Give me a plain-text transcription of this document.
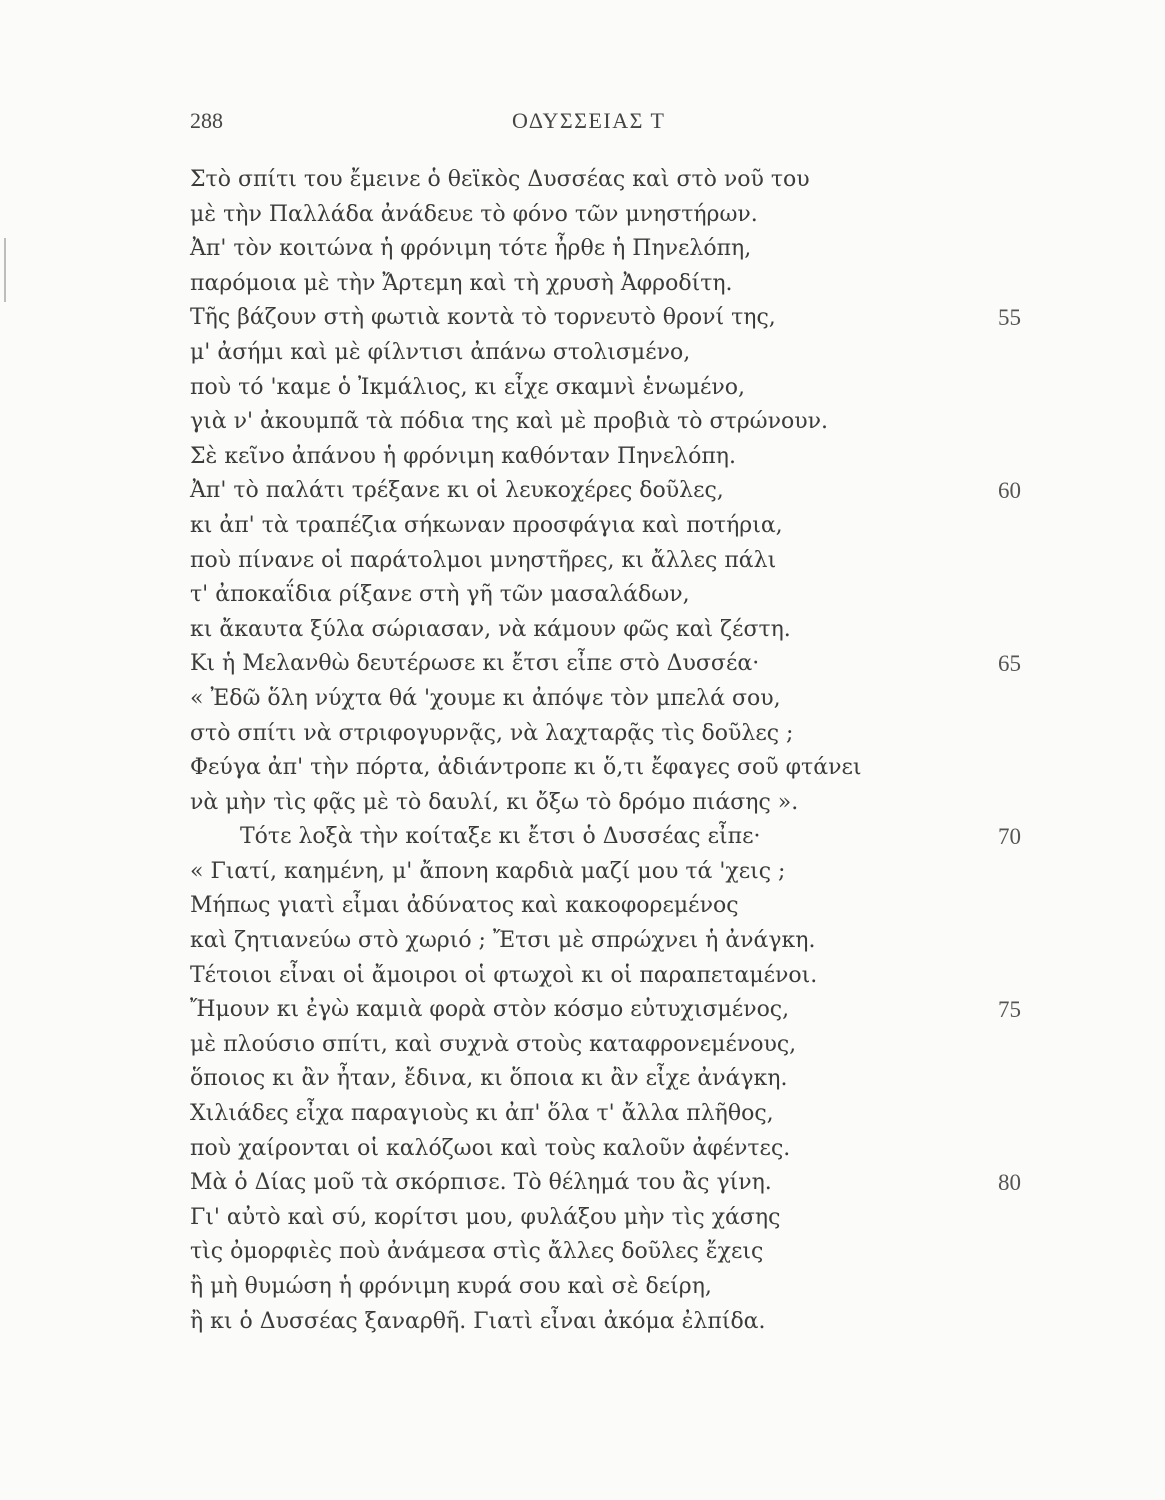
288	ΟΔΥΣΣΕΙΑΣ Τ
Στὸ σπίτι του ἔμεινε ὁ θεϊκὸς Δυσσέας καὶ στὸ νοῦ του
μὲ τὴν Παλλάδα ἀνάδευε τὸ φόνο τῶν μνηστήρων.
Ἀπ' τὸν κοιτώνα ἡ φρόνιμη τότε ἦρθε ἡ Πηνελόπη,
παρόμοια μὲ τὴν Ἄρτεμη καὶ τὴ χρυσὴ Ἀφροδίτη.
Τῆς βάζουν στὴ φωτιὰ κοντὰ τὸ τορνευτὸ θρονί της,	55
μ' ἀσήμι καὶ μὲ φίλντισι ἀπάνω στολισμένο,
ποὺ τό 'καμε ὁ Ἰκμάλιος, κι εἶχε σκαμνὶ ἑνωμένο,
γιὰ ν' ἀκουμπᾶ τὰ πόδια της καὶ μὲ προβιὰ τὸ στρώνουν.
Σὲ κεῖνο ἀπάνου ἡ φρόνιμη καθόνταν Πηνελόπη.
Ἀπ' τὸ παλάτι τρέξανε κι οἱ λευκοχέρες δοῦλες,	60
κι ἀπ' τὰ τραπέζια σήκωναν προσφάγια καὶ ποτήρια,
ποὺ πίνανε οἱ παράτολμοι μνηστῆρες, κι ἄλλες πάλι
τ' ἀποκαΐδια ρίξανε στὴ γῆ τῶν μασαλάδων,
κι ἄκαυτα ξύλα σώριασαν, νὰ κάμουν φῶς καὶ ζέστη.
Κι ἡ Μελανθὼ δευτέρωσε κι ἔτσι εἶπε στὸ Δυσσέα·	65
« Ἐδῶ ὅλη νύχτα θά 'χουμε κι ἀπόψε τὸν μπελά σου,
στὸ σπίτι νὰ στριφογυρνᾷς, νὰ λαχταρᾷς τὶς δοῦλες ;
Φεύγα ἀπ' τὴν πόρτα, ἀδιάντροπε κι ὅ,τι ἔφαγες σοῦ φτάνει
νὰ μὴν τὶς φᾷς μὲ τὸ δαυλί, κι ὄξω τὸ δρόμο πιάσης ».
Τότε λοξὰ τὴν κοίταξε κι ἔτσι ὁ Δυσσέας εἶπε·	70
« Γιατί, καημένη, μ' ἄπονη καρδιὰ μαζί μου τά 'χεις ;
Μήπως γιατὶ εἶμαι ἀδύνατος καὶ κακοφορεμένος
καὶ ζητιανεύω στὸ χωριό ; Ἔτσι μὲ σπρώχνει ἡ ἀνάγκη.
Τέτοιοι εἶναι οἱ ἄμοιροι οἱ φτωχοὶ κι οἱ παραπεταμένοι.
Ἤμουν κι ἐγὼ καμιὰ φορὰ στὸν κόσμο εὐτυχισμένος,	75
μὲ πλούσιο σπίτι, καὶ συχνὰ στοὺς καταφρονεμένους,
ὅποιος κι ἂν ἦταν, ἔδινα, κι ὅποια κι ἂν εἶχε ἀνάγκη.
Χιλιάδες εἶχα παραγιοὺς κι ἀπ' ὅλα τ' ἄλλα πλῆθος,
ποὺ χαίρονται οἱ καλόζωοι καὶ τοὺς καλοῦν ἀφέντες.
Μὰ ὁ Δίας μοῦ τὰ σκόρπισε. Τὸ θέλημά του ἂς γίνη.	80
Γι' αὐτὸ καὶ σύ, κορίτσι μου, φυλάξου μὴν τὶς χάσης
τὶς ὀμορφιὲς ποὺ ἀνάμεσα στὶς ἄλλες δοῦλες ἔχεις
ἢ μὴ θυμώση ἡ φρόνιμη κυρά σου καὶ σὲ δείρη,
ἢ κι ὁ Δυσσέας ξαναρθῆ. Γιατὶ εἶναι ἀκόμα ἐλπίδα.
